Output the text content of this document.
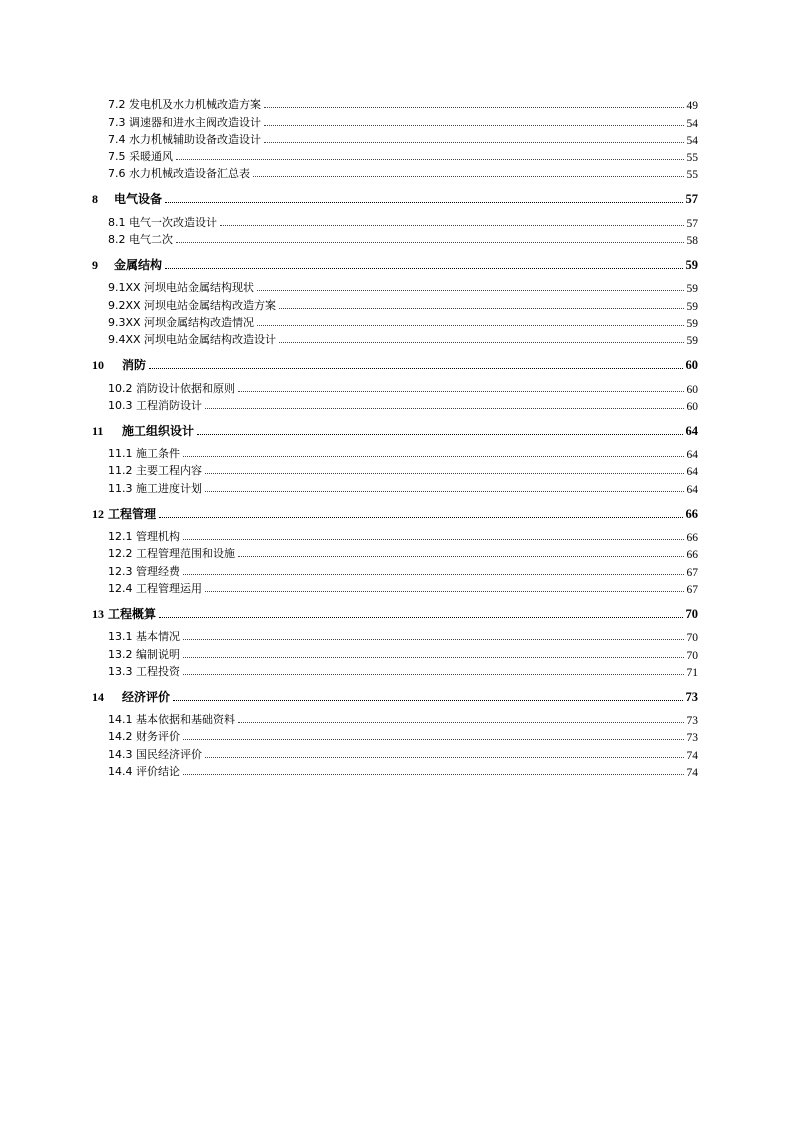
7.2 发电机及水力机械改造方案	49
7.3 调速器和进水主阀改造设计	54
7.4 水力机械辅助设备改造设计	54
7.5 采暖通风	55
7.6 水力机械改造设备汇总表	55
8 电气设备	57
8.1 电气一次改造设计	57
8.2 电气二次	58
9 金属结构	59
9.1XX 河坝电站金属结构现状	59
9.2XX 河坝电站金属结构改造方案	59
9.3XX 河坝金属结构改造情况	59
9.4XX 河坝电站金属结构改造设计	59
10 消防	60
10.2 消防设计依据和原则	60
10.3 工程消防设计	60
11 施工组织设计	64
11.1 施工条件	64
11.2 主要工程内容	64
11.3 施工进度计划	64
12 工程管理	66
12.1 管理机构	66
12.2 工程管理范围和设施	66
12.3 管理经费	67
12.4 工程管理运用	67
13 工程概算	70
13.1 基本情况	70
13.2 编制说明	70
13.3 工程投资	71
14 经济评价	73
14.1 基本依据和基础资料	73
14.2 财务评价	73
14.3 国民经济评价	74
14.4 评价结论	74
